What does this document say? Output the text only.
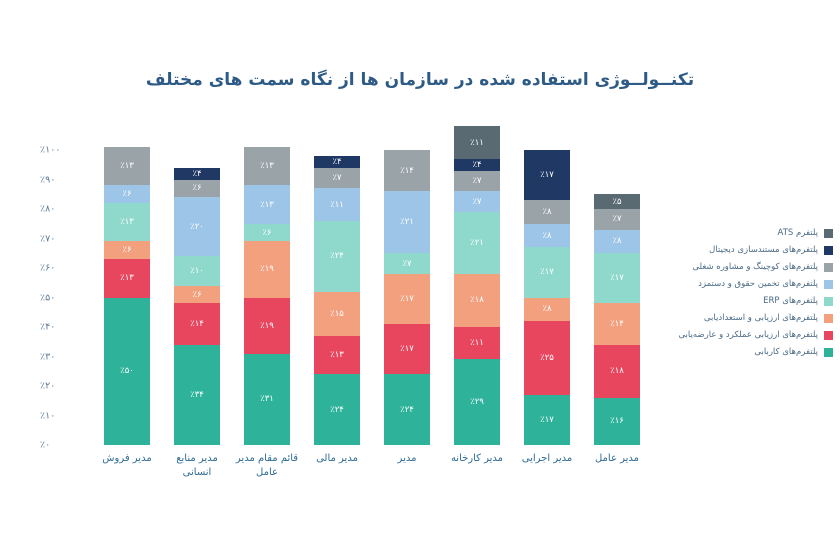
تکنــولــوژی استفاده شده در سازمان ها از نگاه سمت های مختلف
٪۱۰۰
٪۹۰
٪۸۰
٪۷۰
٪۶۰
٪۵۰
٪۴۰
٪۳۰
٪۲۰
٪۱۰
٪۰
٪۱۳
٪۶
٪۱۳
٪۶
٪۱۳
٪۵۰
٪۴
٪۶
٪۲۰
٪۱۰
٪۶
٪۱۴
٪۳۴
٪۱۳
٪۱۳
٪۶
٪۱۹
٪۱۹
٪۳۱
٪۴
٪۷
٪۱۱
٪۲۴
٪۱۵
٪۱۳
٪۲۴
٪۱۴
٪۲۱
٪۷
٪۱۷
٪۱۷
٪۲۴
٪۱۱
٪۴
٪۷
٪۷
٪۲۱
٪۱۸
٪۱۱
٪۲۹
٪۱۷
٪۸
٪۸
٪۱۷
٪۸
٪۲۵
٪۱۷
٪۵
٪۷
٪۸
٪۱۷
٪۱۴
٪۱۸
٪۱۶
مدیر فروش	مدیر منابع انسانی
قائم مقام مدیر عامل
مدیر مالی	مدیر	مدیر کارخانه	مدیر اجرایی	مدیر عامل
پلتفرم ATS
پلتفرم‌های مستندسازی دیجیتال
پلتفرم‌های کوچینگ و مشاوره شغلی
پلتفرم‌های تخمین حقوق و دستمزد
پلتفرم‌های ERP
پلتفرم‌های ارزیابی و استعدادیابی
پلتفرم‌های ارزیابی عملکرد و عارضه‌یابی
پلتفرم‌های کاربابی
